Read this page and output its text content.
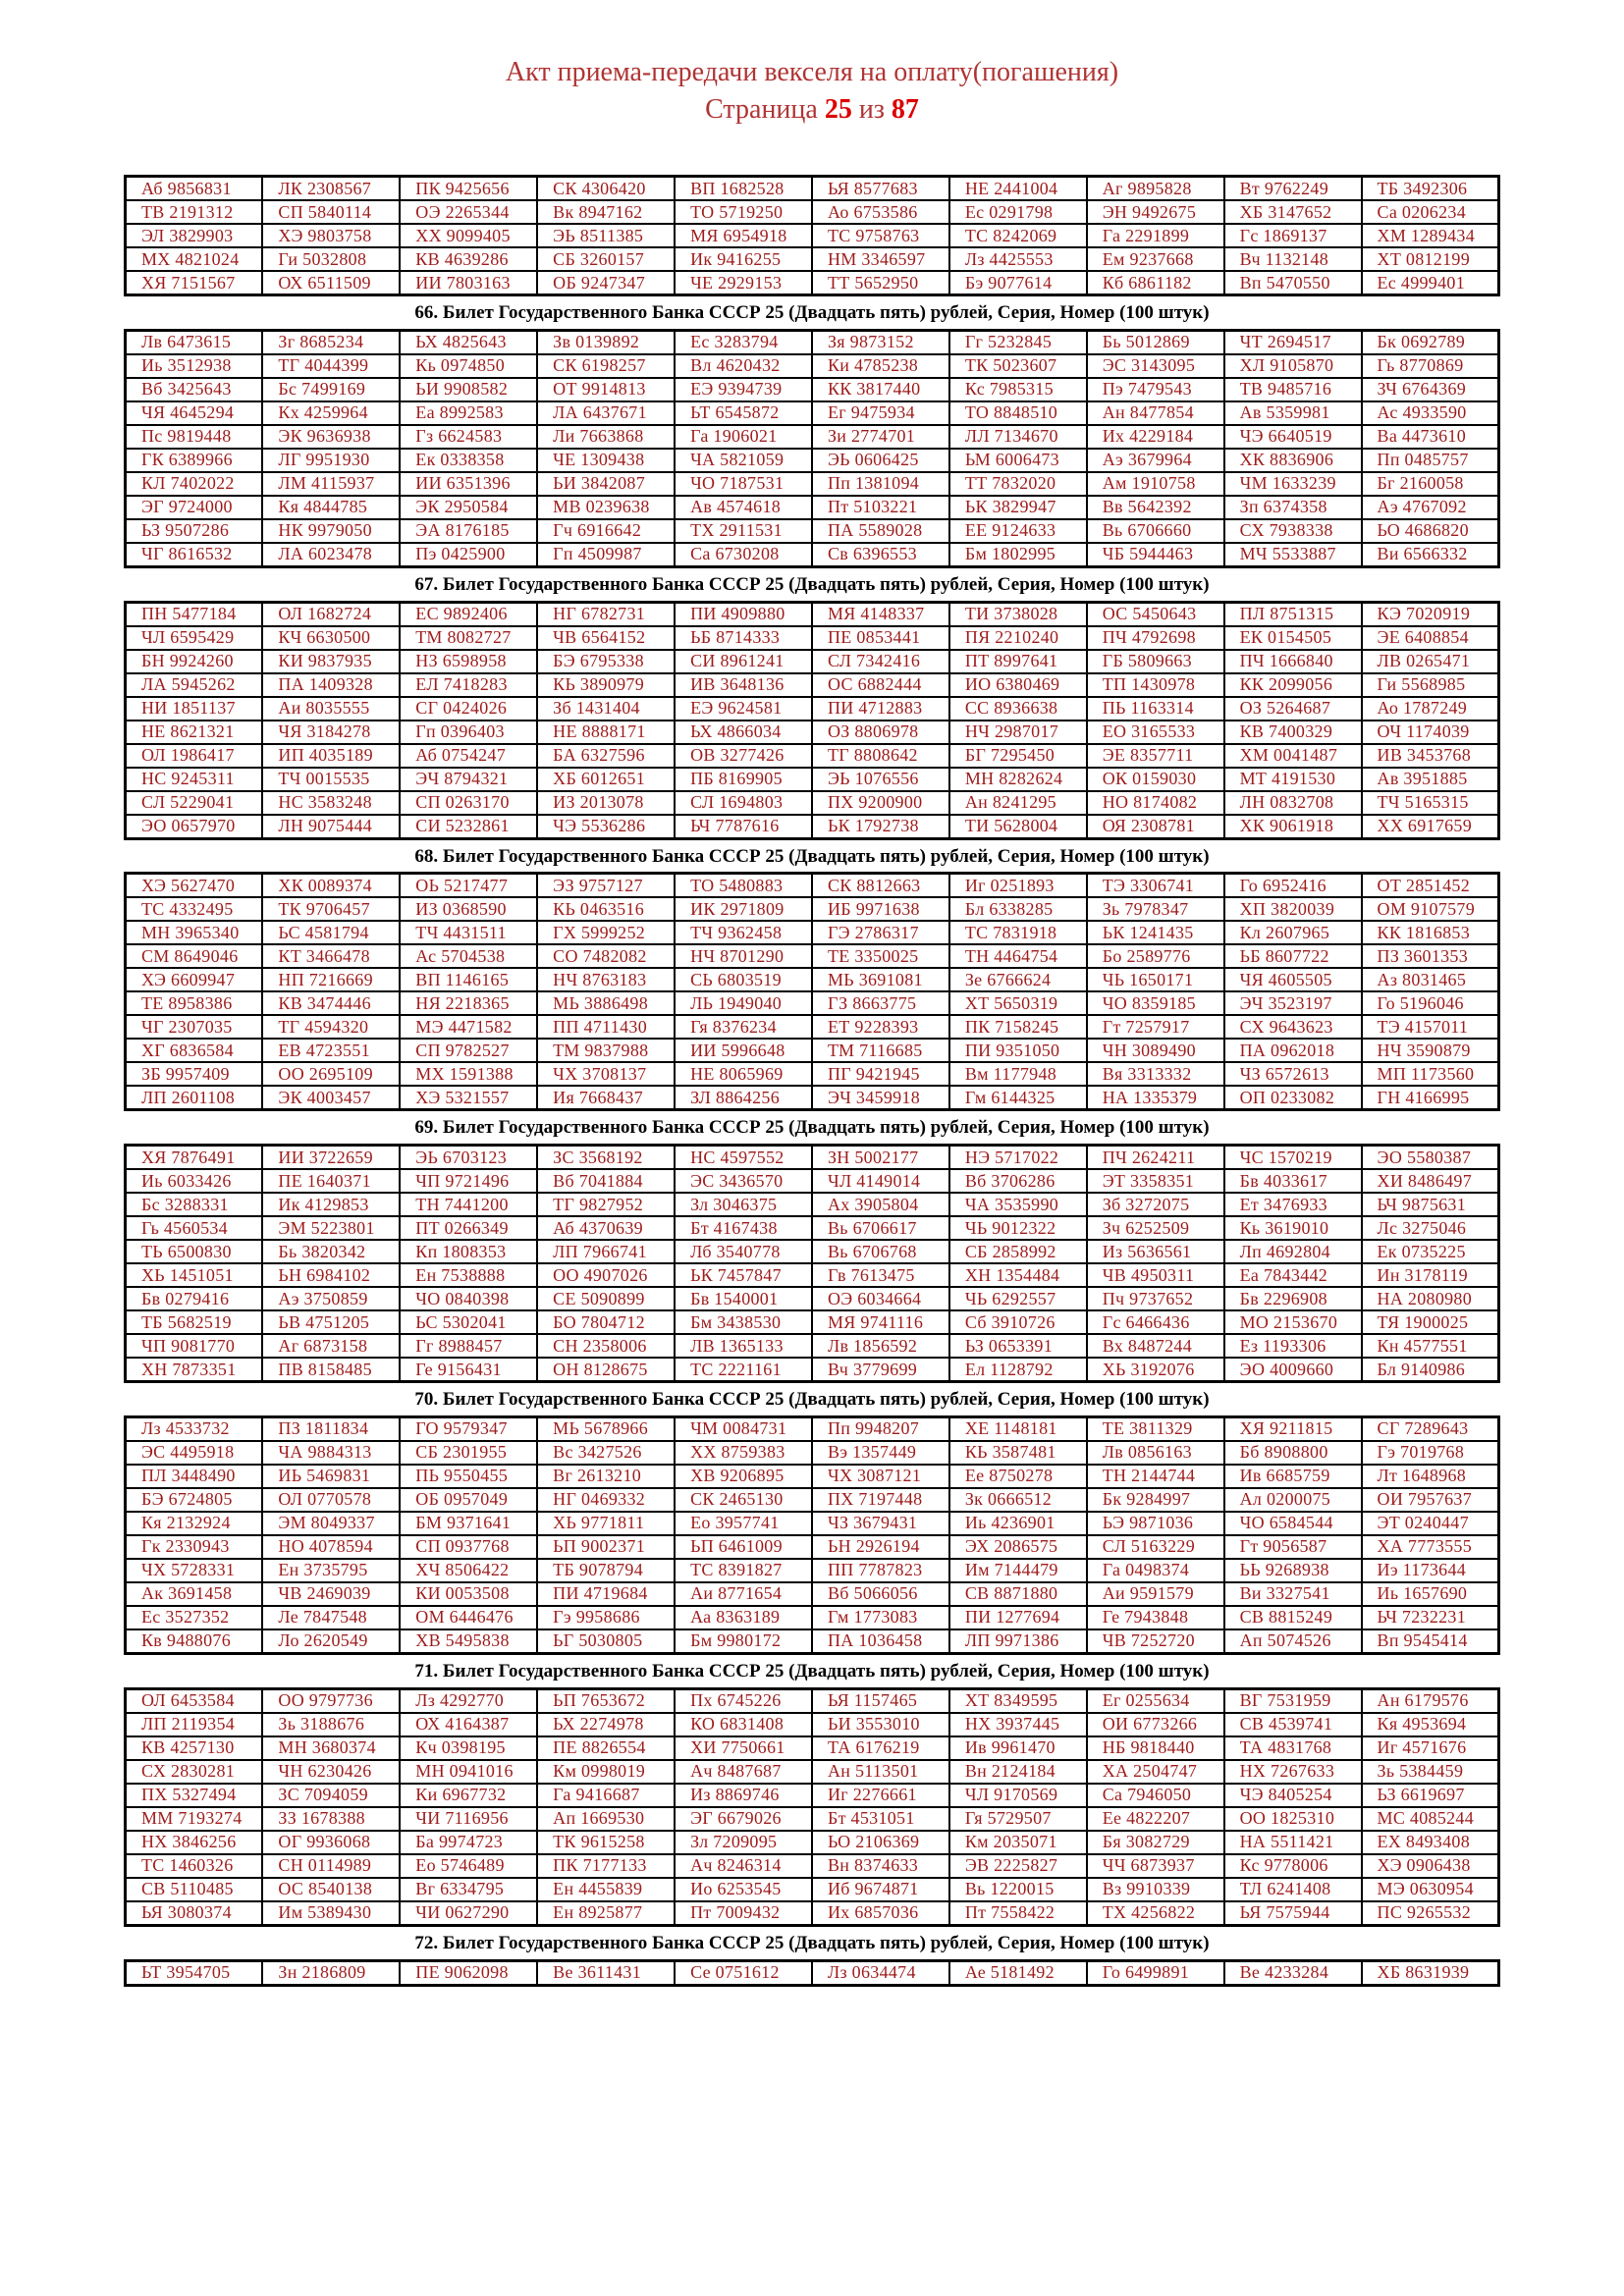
Акт приема-передачи векселя на оплату(погашения)
Страница 25 из 87
Аб 9856831	ЛК 2308567	ПК 9425656	СК 4306420	ВП 1682528	ЬЯ 8577683	НЕ 2441004	Аг 9895828	Вт 9762249	ТБ 3492306
ТВ 2191312	СП 5840114	ОЭ 2265344	Вк 8947162	ТО 5719250	Ао 6753586	Ес 0291798	ЭН 9492675	ХБ 3147652	Са 0206234
ЭЛ 3829903	ХЭ 9803758	ХХ 9099405	ЭЬ 8511385	МЯ 6954918	ТС 9758763	ТС 8242069	Га 2291899	Гс 1869137	ХМ 1289434
МХ 4821024	Ги 5032808	КВ 4639286	СБ 3260157	Ик 9416255	НМ 3346597	Лз 4425553	Ем 9237668	Вч 1132148	ХТ 0812199
ХЯ 7151567	ОХ 6511509	ИИ 7803163	ОБ 9247347	ЧЕ 2929153	ТТ 5652950	Бэ 9077614	Кб 6861182	Вп 5470550	Ес 4999401
66. Билет Государственного Банка СССР 25 (Двадцать пять) рублей, Серия, Номер (100 штук)
Лв 6473615	Зг 8685234	ЬХ 4825643	Зв 0139892	Ес 3283794	Зя 9873152	Гг 5232845	Бь 5012869	ЧТ 2694517	Бк 0692789
Иь 3512938	ТГ 4044399	Кь 0974850	СК 6198257	Вл 4620432	Ки 4785238	ТК 5023607	ЭС 3143095	ХЛ 9105870	Гь 8770869
Вб 3425643	Бс 7499169	ЬИ 9908582	ОТ 9914813	ЕЭ 9394739	КК 3817440	Кс 7985315	Пэ 7479543	ТВ 9485716	ЗЧ 6764369
ЧЯ 4645294	Кх 4259964	Еа 8992583	ЛА 6437671	ЬТ 6545872	Ег 9475934	ТО 8848510	Ан 8477854	Ав 5359981	Ас 4933590
Пс 9819448	ЭК 9636938	Гз 6624583	Ли 7663868	Га 1906021	Зи 2774701	ЛЛ 7134670	Их 4229184	ЧЭ 6640519	Ва 4473610
ГК 6389966	ЛГ 9951930	Ек 0338358	ЧЕ 1309438	ЧА 5821059	ЭЬ 0606425	ЬМ 6006473	Аэ 3679964	ХК 8836906	Пп 0485757
КЛ 7402022	ЛМ 4115937	ИИ 6351396	ЬИ 3842087	ЧО 7187531	Пп 1381094	ТТ 7832020	Ам 1910758	ЧМ 1633239	Бг 2160058
ЭГ 9724000	Кя 4844785	ЭК 2950584	МВ 0239638	Ав 4574618	Пт 5103221	ЬК 3829947	Вв 5642392	Зп 6374358	Аэ 4767092
ЬЗ 9507286	НК 9979050	ЭА 8176185	Гч 6916642	ТХ 2911531	ПА 5589028	ЕЕ 9124633	Вь 6706660	СХ 7938338	ЬО 4686820
ЧГ 8616532	ЛА 6023478	Пэ 0425900	Гп 4509987	Са 6730208	Св 6396553	Бм 1802995	ЧБ 5944463	МЧ 5533887	Ви 6566332
67. Билет Государственного Банка СССР 25 (Двадцать пять) рублей, Серия, Номер (100 штук)
ПН 5477184	ОЛ 1682724	ЕС 9892406	НГ 6782731	ПИ 4909880	МЯ 4148337	ТИ 3738028	ОС 5450643	ПЛ 8751315	КЭ 7020919
ЧЛ 6595429	КЧ 6630500	ТМ 8082727	ЧВ 6564152	ЬБ 8714333	ПЕ 0853441	ПЯ 2210240	ПЧ 4792698	ЕК 0154505	ЭЕ 6408854
БН 9924260	КИ 9837935	НЗ 6598958	БЭ 6795338	СИ 8961241	СЛ 7342416	ПТ 8997641	ГБ 5809663	ПЧ 1666840	ЛВ 0265471
ЛА 5945262	ПА 1409328	ЕЛ 7418283	КЬ 3890979	ИВ 3648136	ОС 6882444	ИО 6380469	ТП 1430978	КК 2099056	Ги 5568985
НИ 1851137	Аи 8035555	СГ 0424026	Зб 1431404	ЕЭ 9624581	ПИ 4712883	СС 8936638	ПЬ 1163314	ОЗ 5264687	Ао 1787249
НЕ 8621321	ЧЯ 3184278	Гп 0396403	НЕ 8888171	ЬХ 4866034	ОЗ 8806978	НЧ 2987017	ЕО 3165533	КВ 7400329	ОЧ 1174039
ОЛ 1986417	ИП 4035189	Аб 0754247	БА 6327596	ОВ 3277426	ТГ 8808642	БГ 7295450	ЭЕ 8357711	ХМ 0041487	ИВ 3453768
НС 9245311	ТЧ 0015535	ЭЧ 8794321	ХБ 6012651	ПБ 8169905	ЭЬ 1076556	МН 8282624	ОК 0159030	МТ 4191530	Ав 3951885
СЛ 5229041	НС 3583248	СП 0263170	ИЗ 2013078	СЛ 1694803	ПХ 9200900	Ан 8241295	НО 8174082	ЛН 0832708	ТЧ 5165315
ЭО 0657970	ЛН 9075444	СИ 5232861	ЧЭ 5536286	ЬЧ 7787616	ЬК 1792738	ТИ 5628004	ОЯ 2308781	ХК 9061918	ХХ 6917659
68. Билет Государственного Банка СССР 25 (Двадцать пять) рублей, Серия, Номер (100 штук)
ХЭ 5627470	ХК 0089374	ОЬ 5217477	ЭЗ 9757127	ТО 5480883	СК 8812663	Иг 0251893	ТЭ 3306741	Го 6952416	ОТ 2851452
ТС 4332495	ТК 9706457	ИЗ 0368590	КЬ 0463516	ИК 2971809	ИБ 9971638	Бл 6338285	Зь 7978347	ХП 3820039	ОМ 9107579
МН 3965340	ЬС 4581794	ТЧ 4431511	ГХ 5999252	ТЧ 9362458	ГЭ 2786317	ТС 7831918	ЬК 1241435	Кл 2607965	КК 1816853
СМ 8649046	КТ 3466478	Ас 5704538	СО 7482082	НЧ 8701290	ТЕ 3350025	ТН 4464754	Бо 2589776	ЬБ 8607722	ПЗ 3601353
ХЭ 6609947	НП 7216669	ВП 1146165	НЧ 8763183	СЬ 6803519	МЬ 3691081	Зе 6766624	ЧЬ 1650171	ЧЯ 4605505	Аз 8031465
ТЕ 8958386	КВ 3474446	НЯ 2218365	МЬ 3886498	ЛЬ 1949040	ГЗ 8663775	ХТ 5650319	ЧО 8359185	ЭЧ 3523197	Го 5196046
ЧГ 2307035	ТГ 4594320	МЭ 4471582	ПП 4711430	Гя 8376234	ЕТ 9228393	ПК 7158245	Гт 7257917	СХ 9643623	ТЭ 4157011
ХГ 6836584	ЕВ 4723551	СП 9782527	ТМ 9837988	ИИ 5996648	ТМ 7116685	ПИ 9351050	ЧН 3089490	ПА 0962018	НЧ 3590879
ЗБ 9957409	ОО 2695109	МХ 1591388	ЧХ 3708137	НЕ 8065969	ПГ 9421945	Вм 1177948	Вя 3313332	ЧЗ 6572613	МП 1173560
ЛП 2601108	ЭК 4003457	ХЭ 5321557	Ия 7668437	ЗЛ 8864256	ЭЧ 3459918	Гм 6144325	НА 1335379	ОП 0233082	ГН 4166995
69. Билет Государственного Банка СССР 25 (Двадцать пять) рублей, Серия, Номер (100 штук)
ХЯ 7876491	ИИ 3722659	ЭЬ 6703123	ЗС 3568192	НС 4597552	ЗН 5002177	НЭ 5717022	ПЧ 2624211	ЧС 1570219	ЭО 5580387
Иь 6033426	ПЕ 1640371	ЧП 9721496	Вб 7041884	ЭС 3436570	ЧЛ 4149014	Вб 3706286	ЭТ 3358351	Бв 4033617	ХИ 8486497
Бс 3288331	Ик 4129853	ТН 7441200	ТГ 9827952	Зл 3046375	Ах 3905804	ЧА 3535990	Зб 3272075	Ет 3476933	ЬЧ 9875631
Гь 4560534	ЭМ 5223801	ПТ 0266349	Аб 4370639	Бт 4167438	Вь 6706617	ЧЬ 9012322	Зч 6252509	Кь 3619010	Лс 3275046
ТЬ 6500830	Бь 3820342	Кп 1808353	ЛП 7966741	Лб 3540778	Вь 6706768	СБ 2858992	Из 5636561	Лп 4692804	Ек 0735225
ХЬ 1451051	ЬН 6984102	Ен 7538888	ОО 4907026	ЬК 7457847	Гв 7613475	ХН 1354484	ЧВ 4950311	Еа 7843442	Ин 3178119
Бв 0279416	Аэ 3750859	ЧО 0840398	СЕ 5090899	Бв 1540001	ОЭ 6034664	ЧЬ 6292557	Пч 9737652	Бв 2296908	НА 2080980
ТБ 5682519	ЬВ 4751205	ЬС 5302041	БО 7804712	Бм 3438530	МЯ 9741116	Сб 3910726	Гс 6466436	МО 2153670	ТЯ 1900025
ЧП 9081770	Аг 6873158	Гг 8988457	СН 2358006	ЛВ 1365133	Лв 1856592	ЬЗ 0653391	Вх 8487244	Ез 1193306	Кн 4577551
ХН 7873351	ПВ 8158485	Ге 9156431	ОН 8128675	ТС 2221161	Вч 3779699	Ел 1128792	ХЬ 3192076	ЭО 4009660	Бл 9140986
70. Билет Государственного Банка СССР 25 (Двадцать пять) рублей, Серия, Номер (100 штук)
Лз 4533732	ПЗ 1811834	ГО 9579347	МЬ 5678966	ЧМ 0084731	Пп 9948207	ХЕ 1148181	ТЕ 3811329	ХЯ 9211815	СГ 7289643
ЭС 4495918	ЧА 9884313	СБ 2301955	Вс 3427526	ХХ 8759383	Вэ 1357449	КЬ 3587481	Лв 0856163	Бб 8908800	Гэ 7019768
ПЛ 3448490	ИЬ 5469831	ПЬ 9550455	Вг 2613210	ХВ 9206895	ЧХ 3087121	Ее 8750278	ТН 2144744	Ив 6685759	Лт 1648968
БЭ 6724805	ОЛ 0770578	ОБ 0957049	НГ 0469332	СК 2465130	ПХ 7197448	Зк 0666512	Бк 9284997	Ал 0200075	ОИ 7957637
Кя 2132924	ЭМ 8049337	БМ 9371641	ХЬ 9771811	Ео 3957741	ЧЗ 3679431	Иь 4236901	ЬЭ 9871036	ЧО 6584544	ЭТ 0240447
Гк 2330943	НО 4078594	СП 0937768	ЬП 9002371	ЬП 6461009	ЬН 2926194	ЭХ 2086575	СЛ 5163229	Гт 9056587	ХА 7773555
ЧХ 5728331	Ен 3735795	ХЧ 8506422	ТБ 9078794	ТС 8391827	ПП 7787823	Им 7144479	Га 0498374	ЬЬ 9268938	Иэ 1173644
Ак 3691458	ЧВ 2469039	КИ 0053508	ПИ 4719684	Аи 8771654	Вб 5066056	СВ 8871880	Аи 9591579	Ви 3327541	Иь 1657690
Ес 3527352	Ле 7847548	ОМ 6446476	Гэ 9958686	Аа 8363189	Гм 1773083	ПИ 1277694	Ге 7943848	СВ 8815249	ЬЧ 7232231
Кв 9488076	Ло 2620549	ХВ 5495838	ЬГ 5030805	Бм 9980172	ПА 1036458	ЛП 9971386	ЧВ 7252720	Ап 5074526	Вп 9545414
71. Билет Государственного Банка СССР 25 (Двадцать пять) рублей, Серия, Номер (100 штук)
ОЛ 6453584	ОО 9797736	Лз 4292770	ЬП 7653672	Пх 6745226	ЬЯ 1157465	ХТ 8349595	Ег 0255634	ВГ 7531959	Ан 6179576
ЛП 2119354	Зь 3188676	ОХ 4164387	ЬХ 2274978	КО 6831408	ЬИ 3553010	НХ 3937445	ОИ 6773266	СВ 4539741	Кя 4953694
КВ 4257130	МН 3680374	Кч 0398195	ПЕ 8826554	ХИ 7750661	ТА 6176219	Ив 9961470	НБ 9818440	ТА 4831768	Иг 4571676
СХ 2830281	ЧН 6230426	МН 0941016	Км 0998019	Ач 8487687	Ан 5113501	Вн 2124184	ХА 2504747	НХ 7267633	Зь 5384459
ПХ 5327494	ЗС 7094059	Ки 6967732	Га 9416687	Из 8869746	Иг 2276661	ЧЛ 9170569	Са 7946050	ЧЭ 8405254	ЬЗ 6619697
ММ 7193274	ЗЗ 1678388	ЧИ 7116956	Ап 1669530	ЭГ 6679026	Бт 4531051	Гя 5729507	Ее 4822207	ОО 1825310	МС 4085244
НХ 3846256	ОГ 9936068	Ба 9974723	ТК 9615258	Зл 7209095	ЬО 2106369	Км 2035071	Бя 3082729	НА 5511421	ЕХ 8493408
ТС 1460326	СН 0114989	Ео 5746489	ПК 7177133	Ач 8246314	Вн 8374633	ЭВ 2225827	ЧЧ 6873937	Кс 9778006	ХЭ 0906438
СВ 5110485	ОС 8540138	Вг 6334795	Ен 4455839	Ио 6253545	Иб 9674871	Вь 1220015	Вз 9910339	ТЛ 6241408	МЭ 0630954
ЬЯ 3080374	Им 5389430	ЧИ 0627290	Ен 8925877	Пт 7009432	Их 6857036	Пт 7558422	ТХ 4256822	ЬЯ 7575944	ПС 9265532
72. Билет Государственного Банка СССР 25 (Двадцать пять) рублей, Серия, Номер (100 штук)
ЬТ 3954705	Зн 2186809	ПЕ 9062098	Ве 3611431	Се 0751612	Лз 0634474	Ае 5181492	Го 6499891	Ве 4233284	ХБ 8631939
